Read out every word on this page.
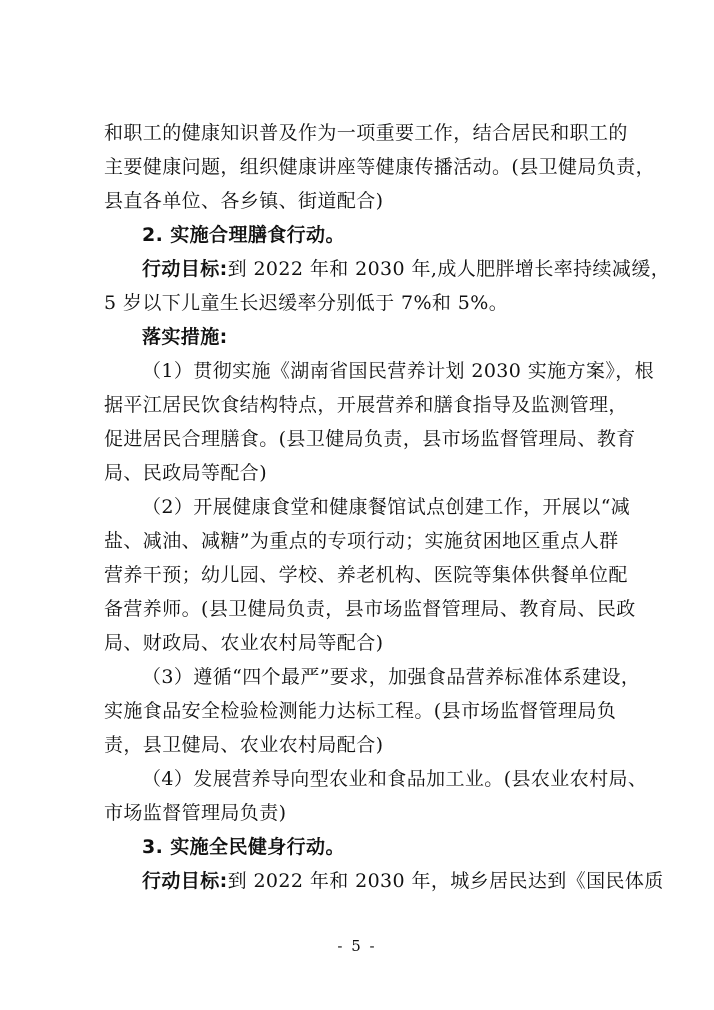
和职工的健康知识普及作为一项重要工作，结合居民和职工的
主要健康问题，组织健康讲座等健康传播活动。(县卫健局负责，
县直各单位、各乡镇、街道配合)
2. 实施合理膳食行动。
行动目标:到 2022 年和 2030 年,成人肥胖增长率持续减缓，
5 岁以下儿童生长迟缓率分别低于 7%和 5%。
落实措施:
（1）贯彻实施《湖南省国民营养计划 2030 实施方案》，根
据平江居民饮食结构特点，开展营养和膳食指导及监测管理，
促进居民合理膳食。(县卫健局负责，县市场监督管理局、教育
局、民政局等配合)
（2）开展健康食堂和健康餐馆试点创建工作，开展以“减
盐、减油、减糖”为重点的专项行动；实施贫困地区重点人群
营养干预；幼儿园、学校、养老机构、医院等集体供餐单位配
备营养师。(县卫健局负责，县市场监督管理局、教育局、民政
局、财政局、农业农村局等配合)
（3）遵循“四个最严”要求，加强食品营养标准体系建设，
实施食品安全检验检测能力达标工程。(县市场监督管理局负
责，县卫健局、农业农村局配合)
（4）发展营养导向型农业和食品加工业。(县农业农村局、
市场监督管理局负责)
3. 实施全民健身行动。
行动目标:到 2022 年和 2030 年，城乡居民达到《国民体质
- 5 -
